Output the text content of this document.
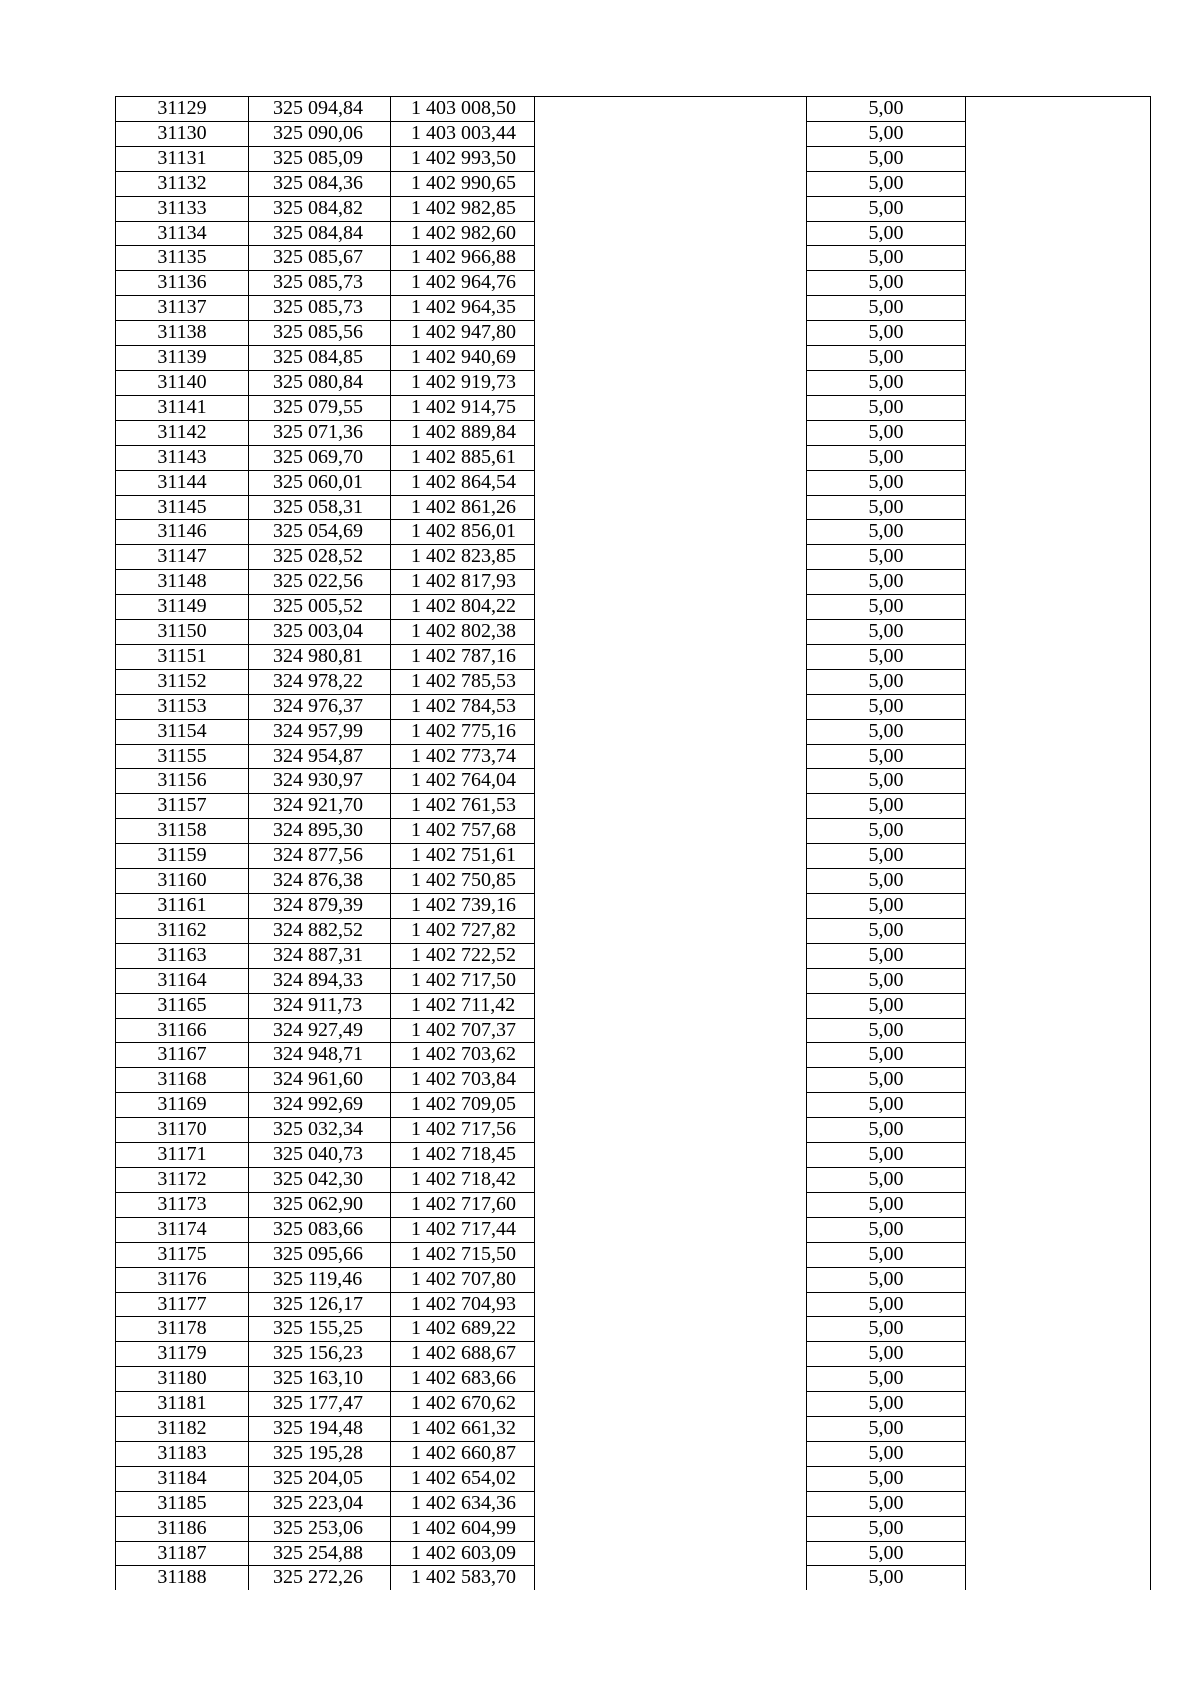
31129	325 094,84	1 403 008,50		5,00	
31130	325 090,06	1 403 003,44		5,00	
31131	325 085,09	1 402 993,50		5,00	
31132	325 084,36	1 402 990,65		5,00	
31133	325 084,82	1 402 982,85		5,00	
31134	325 084,84	1 402 982,60		5,00	
31135	325 085,67	1 402 966,88		5,00	
31136	325 085,73	1 402 964,76		5,00	
31137	325 085,73	1 402 964,35		5,00	
31138	325 085,56	1 402 947,80		5,00	
31139	325 084,85	1 402 940,69		5,00	
31140	325 080,84	1 402 919,73		5,00	
31141	325 079,55	1 402 914,75		5,00	
31142	325 071,36	1 402 889,84		5,00	
31143	325 069,70	1 402 885,61		5,00	
31144	325 060,01	1 402 864,54		5,00	
31145	325 058,31	1 402 861,26		5,00	
31146	325 054,69	1 402 856,01		5,00	
31147	325 028,52	1 402 823,85		5,00	
31148	325 022,56	1 402 817,93		5,00	
31149	325 005,52	1 402 804,22		5,00	
31150	325 003,04	1 402 802,38		5,00	
31151	324 980,81	1 402 787,16		5,00	
31152	324 978,22	1 402 785,53		5,00	
31153	324 976,37	1 402 784,53		5,00	
31154	324 957,99	1 402 775,16		5,00	
31155	324 954,87	1 402 773,74		5,00	
31156	324 930,97	1 402 764,04		5,00	
31157	324 921,70	1 402 761,53		5,00	
31158	324 895,30	1 402 757,68		5,00	
31159	324 877,56	1 402 751,61		5,00	
31160	324 876,38	1 402 750,85		5,00	
31161	324 879,39	1 402 739,16		5,00	
31162	324 882,52	1 402 727,82		5,00	
31163	324 887,31	1 402 722,52		5,00	
31164	324 894,33	1 402 717,50		5,00	
31165	324 911,73	1 402 711,42		5,00	
31166	324 927,49	1 402 707,37		5,00	
31167	324 948,71	1 402 703,62		5,00	
31168	324 961,60	1 402 703,84		5,00	
31169	324 992,69	1 402 709,05		5,00	
31170	325 032,34	1 402 717,56		5,00	
31171	325 040,73	1 402 718,45		5,00	
31172	325 042,30	1 402 718,42		5,00	
31173	325 062,90	1 402 717,60		5,00	
31174	325 083,66	1 402 717,44		5,00	
31175	325 095,66	1 402 715,50		5,00	
31176	325 119,46	1 402 707,80		5,00	
31177	325 126,17	1 402 704,93		5,00	
31178	325 155,25	1 402 689,22		5,00	
31179	325 156,23	1 402 688,67		5,00	
31180	325 163,10	1 402 683,66		5,00	
31181	325 177,47	1 402 670,62		5,00	
31182	325 194,48	1 402 661,32		5,00	
31183	325 195,28	1 402 660,87		5,00	
31184	325 204,05	1 402 654,02		5,00	
31185	325 223,04	1 402 634,36		5,00	
31186	325 253,06	1 402 604,99		5,00	
31187	325 254,88	1 402 603,09		5,00	
31188	325 272,26	1 402 583,70		5,00	
